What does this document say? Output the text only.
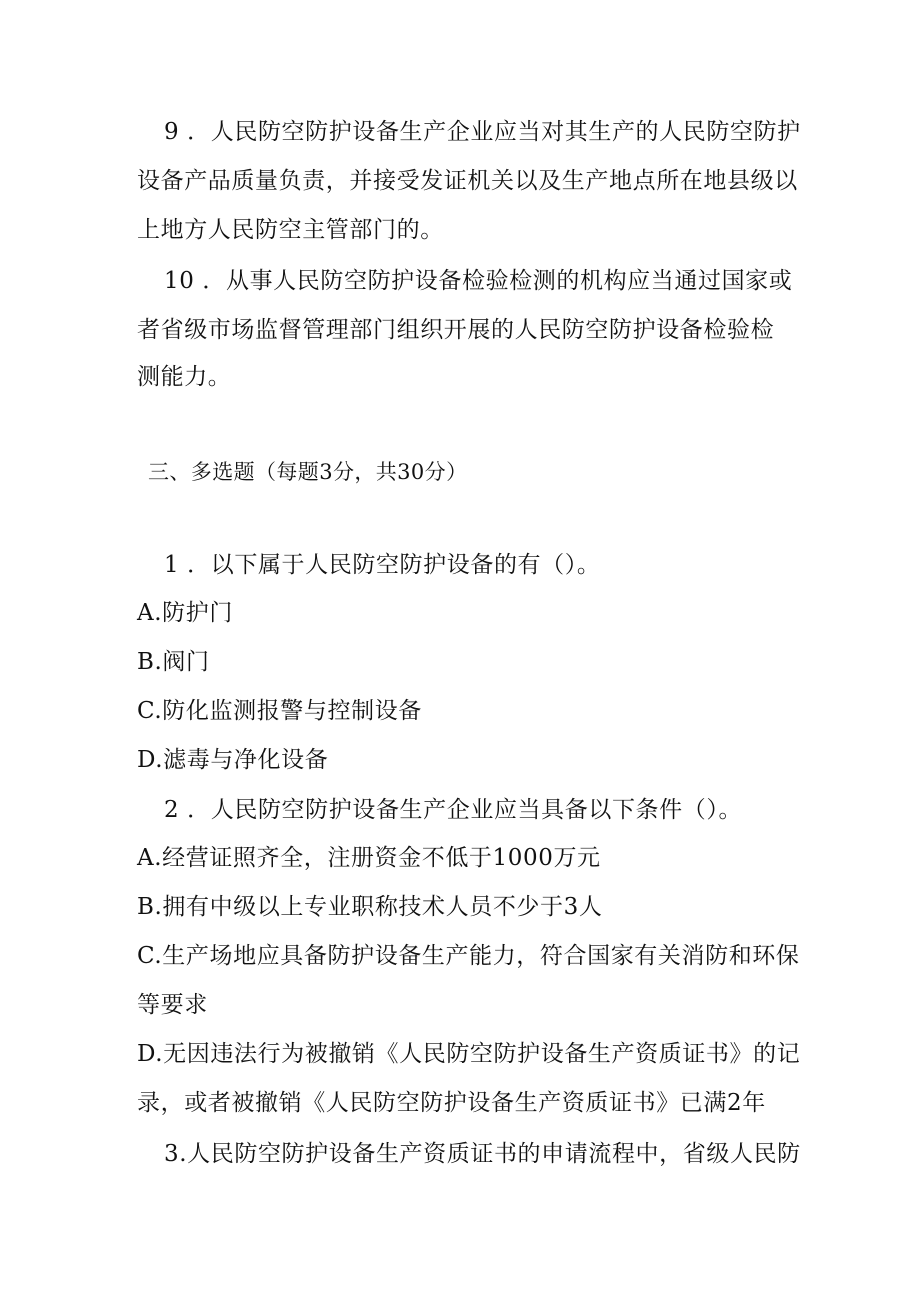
9 ．人民防空防护设备生产企业应当对其生产的人民防空防护
设备产品质量负责，并接受发证机关以及生产地点所在地县级以
上地方人民防空主管部门的。
10 ．从事人民防空防护设备检验检测的机构应当通过国家或
者省级市场监督管理部门组织开展的人民防空防护设备检验检
测能力。
三、多选题（每题3分，共30分）
1 ．以下属于人民防空防护设备的有（）。
A.防护门
B.阀门
C.防化监测报警与控制设备
D.滤毒与净化设备
2 ．人民防空防护设备生产企业应当具备以下条件（）。
A.经营证照齐全，注册资金不低于1000万元
B.拥有中级以上专业职称技术人员不少于3人
C.生产场地应具备防护设备生产能力，符合国家有关消防和环保
等要求
D.无因违法行为被撤销《人民防空防护设备生产资质证书》的记
录，或者被撤销《人民防空防护设备生产资质证书》已满2年
3.人民防空防护设备生产资质证书的申请流程中，省级人民防
